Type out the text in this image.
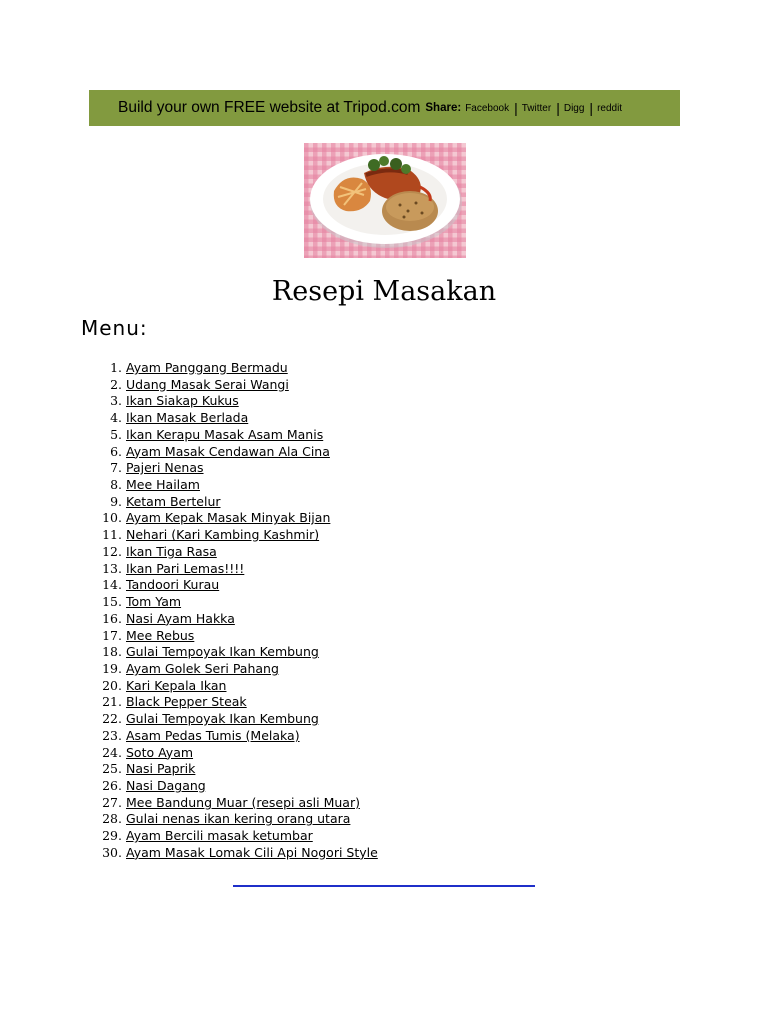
Build your own FREE website at Tripod.com Share: Facebook | Twitter | Digg | reddit
Resepi Masakan
Menu:
1. Ayam Panggang Bermadu
2. Udang Masak Serai Wangi
3. Ikan Siakap Kukus
4. Ikan Masak Berlada
5. Ikan Kerapu Masak Asam Manis
6. Ayam Masak Cendawan Ala Cina
7. Pajeri Nenas
8. Mee Hailam
9. Ketam Bertelur
10. Ayam Kepak Masak Minyak Bijan
11. Nehari (Kari Kambing Kashmir)
12. Ikan Tiga Rasa
13. Ikan Pari Lemas!!!!
14. Tandoori Kurau
15. Tom Yam
16. Nasi Ayam Hakka
17. Mee Rebus
18. Gulai Tempoyak Ikan Kembung
19. Ayam Golek Seri Pahang
20. Kari Kepala Ikan
21. Black Pepper Steak
22. Gulai Tempoyak Ikan Kembung
23. Asam Pedas Tumis (Melaka)
24. Soto Ayam
25. Nasi Paprik
26. Nasi Dagang
27. Mee Bandung Muar (resepi asli Muar)
28. Gulai nenas ikan kering orang utara
29. Ayam Bercili masak ketumbar
30. Ayam Masak Lomak Cili Api Nogori Style
